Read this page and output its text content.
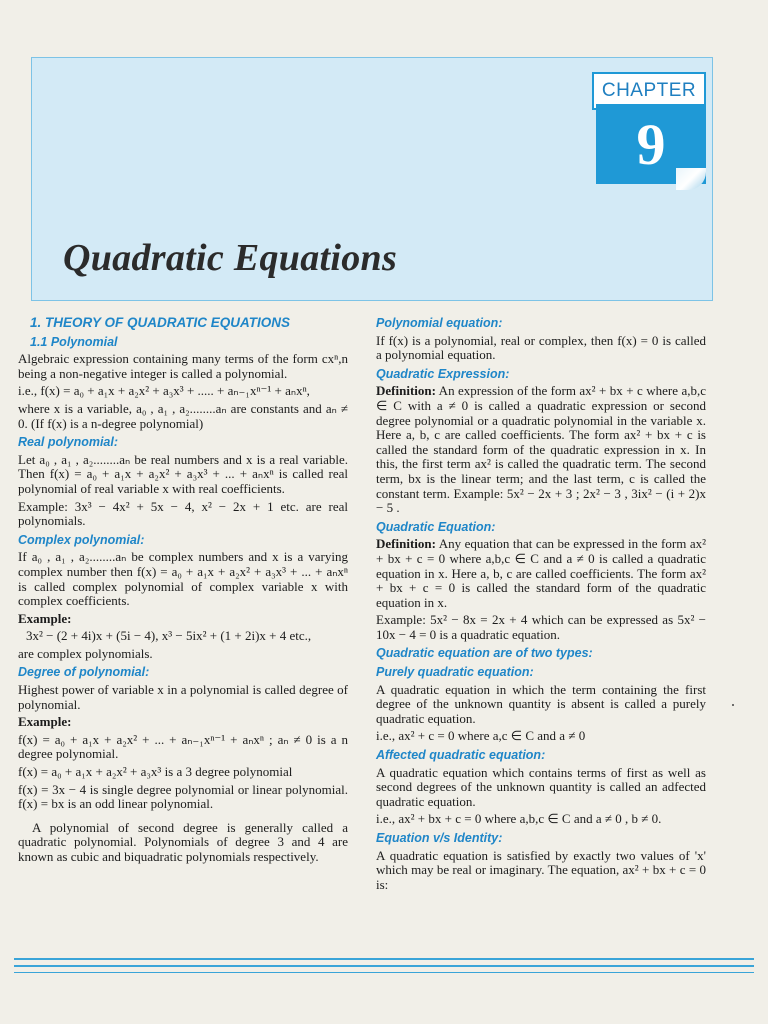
CHAPTER
9
Quadratic Equations
1. THEORY OF QUADRATIC EQUATIONS
1.1 Polynomial

Algebraic expression containing many terms of the form cxⁿ,n being a non-negative integer is called a polynomial.

i.e., f(x) = a₀ + a₁x + a₂x² + a₃x³ + ..... + aₙ₋₁xⁿ⁻¹ + aₙxⁿ,

where x is a variable, a₀ , a₁ , a₂........aₙ are constants and aₙ ≠ 0. (If f(x) is a n-degree polynomial)

Real polynomial:

Let a₀ , a₁ , a₂........aₙ be real numbers and x is a real variable. Then f(x) = a₀ + a₁x + a₂x² + a₃x³ + ... + aₙxⁿ is called real polynomial of real variable x with real coefficients.

Example: 3x³ − 4x² + 5x − 4, x² − 2x + 1 etc. are real polynomials.

Complex polynomial:

If a₀ , a₁ , a₂........aₙ be complex numbers and x is a varying complex number then f(x) = a₀ + a₁x + a₂x² + a₃x³ + ... + aₙxⁿ is called complex polynomial of complex variable x with complex coefficients.

Example:

3x² − (2 + 4i)x + (5i − 4), x³ − 5ix² + (1 + 2i)x + 4 etc.,

are complex polynomials.

Degree of polynomial:

Highest power of variable x in a polynomial is called degree of polynomial.

Example:

f(x) = a₀ + a₁x + a₂x² + ... + aₙ₋₁xⁿ⁻¹ + aₙxⁿ ; aₙ ≠ 0 is a n degree polynomial.

f(x) = a₀ + a₁x + a₂x² + a₃x³ is a 3 degree polynomial

f(x) = 3x − 4 is single degree polynomial or linear polynomial. f(x) = bx is an odd linear polynomial.

A polynomial of second degree is generally called a quadratic polynomial. Polynomials of degree 3 and 4 are known as cubic and biquadratic polynomials respectively.

Polynomial equation:

If f(x) is a polynomial, real or complex, then f(x) = 0 is called a polynomial equation.

Quadratic Expression:

Definition: An expression of the form ax² + bx + c where a,b,c ∈ C with a ≠ 0 is called a quadratic expression or second degree polynomial or a quadratic polynomial in the variable x. Here a, b, c are called coefficients. The form ax² + bx + c is called the standard form of the quadratic expression in x. In this, the first term ax² is called the quadratic term. The second term, bx is the linear term; and the last term, c is called the constant term. Example: 5x² − 2x + 3 ; 2x² − 3 , 3ix² − (i + 2)x − 5 .

Quadratic Equation:

Definition: Any equation that can be expressed in the form ax² + bx + c = 0 where a,b,c ∈ C and a ≠ 0 is called a quadratic equation in x. Here a, b, c are called coefficients. The form ax² + bx + c = 0 is called the standard form of the quadratic equation in x.

Example: 5x² − 8x = 2x + 4 which can be expressed as 5x² − 10x − 4 = 0 is a quadratic equation.

Quadratic equation are of two types:
Purely quadratic equation:

A quadratic equation in which the term containing the first degree of the unknown quantity is absent is called a purely quadratic equation.

i.e., ax² + c = 0 where a,c ∈ C and a ≠ 0

Affected quadratic equation:

A quadratic equation which contains terms of first as well as second degrees of the unknown quantity is called an adfected quadratic equation.

i.e., ax² + bx + c = 0 where a,b,c ∈ C and a ≠ 0 , b ≠ 0.

Equation v/s Identity:

A quadratic equation is satisfied by exactly two values of 'x' which may be real or imaginary. The equation, ax² + bx + c = 0 is:
